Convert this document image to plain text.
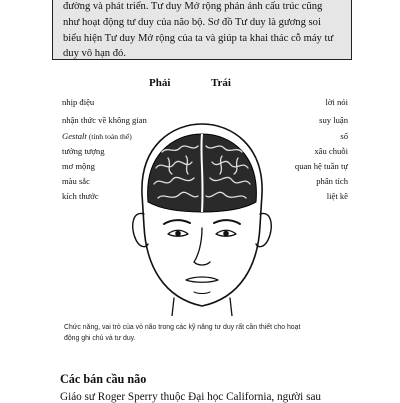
đường và phát triển. Tư duy Mở rộng phản ánh cấu trúc cũng
như hoạt động tư duy của não bộ. Sơ đồ Tư duy là gương soi
biểu hiện Tư duy Mở rộng của ta và giúp ta khai thác cỗ máy tư
duy vô hạn đó.
Phải	Trái
nhịp điệu
nhận thức về không gian
Gestalt (tính toàn thể)
tưởng tượng
mơ mộng
màu sắc
kích thước
lời nói
suy luận
số
xâu chuỗi
quan hệ tuần tự
phân tích
liệt kê
Chức năng, vai trò của vỏ não trong các kỹ năng tư duy rất cần thiết cho hoạt
động ghi chú và tư duy.
Các bán cầu não
Giáo sư Roger Sperry thuộc Đại học California, người sau
